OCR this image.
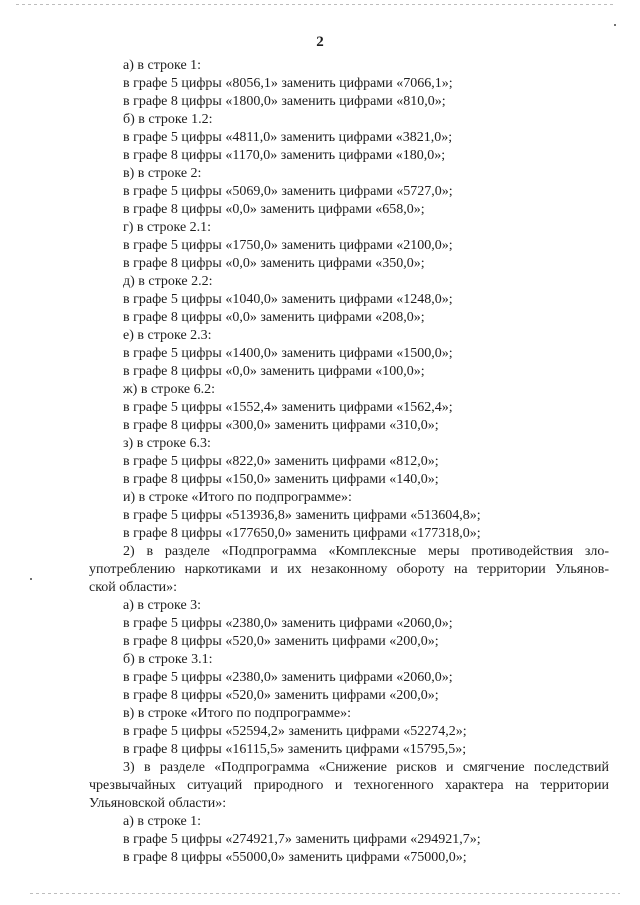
2
а) в строке 1:
в графе 5 цифры «8056,1» заменить цифрами «7066,1»;
в графе 8 цифры «1800,0» заменить цифрами «810,0»;
б) в строке 1.2:
в графе 5 цифры «4811,0» заменить цифрами «3821,0»;
в графе 8 цифры «1170,0» заменить цифрами «180,0»;
в) в строке 2:
в графе 5 цифры «5069,0» заменить цифрами «5727,0»;
в графе 8 цифры «0,0» заменить цифрами «658,0»;
г) в строке 2.1:
в графе 5 цифры «1750,0» заменить цифрами «2100,0»;
в графе 8 цифры «0,0» заменить цифрами «350,0»;
д) в строке 2.2:
в графе 5 цифры «1040,0» заменить цифрами «1248,0»;
в графе 8 цифры «0,0» заменить цифрами «208,0»;
е) в строке 2.3:
в графе 5 цифры «1400,0» заменить цифрами «1500,0»;
в графе 8 цифры «0,0» заменить цифрами «100,0»;
ж) в строке 6.2:
в графе 5 цифры «1552,4» заменить цифрами «1562,4»;
в графе 8 цифры «300,0» заменить цифрами «310,0»;
з) в строке 6.3:
в графе 5 цифры «822,0» заменить цифрами «812,0»;
в графе 8 цифры «150,0» заменить цифрами «140,0»;
и) в строке «Итого по подпрограмме»:
в графе 5 цифры «513936,8» заменить цифрами «513604,8»;
в графе 8 цифры «177650,0» заменить цифрами «177318,0»;
2) в разделе «Подпрограмма «Комплексные меры противодействия зло-
употреблению наркотиками и их незаконному обороту на территории Ульянов-
ской области»:
а) в строке 3:
в графе 5 цифры «2380,0» заменить цифрами «2060,0»;
в графе 8 цифры «520,0» заменить цифрами «200,0»;
б) в строке 3.1:
в графе 5 цифры «2380,0» заменить цифрами «2060,0»;
в графе 8 цифры «520,0» заменить цифрами «200,0»;
в) в строке «Итого по подпрограмме»:
в графе 5 цифры «52594,2» заменить цифрами «52274,2»;
в графе 8 цифры «16115,5» заменить цифрами «15795,5»;
3) в разделе «Подпрограмма «Снижение рисков и смягчение последствий
чрезвычайных ситуаций природного и техногенного характера на территории
Ульяновской области»:
а) в строке 1:
в графе 5 цифры «274921,7» заменить цифрами «294921,7»;
в графе 8 цифры «55000,0» заменить цифрами «75000,0»;
